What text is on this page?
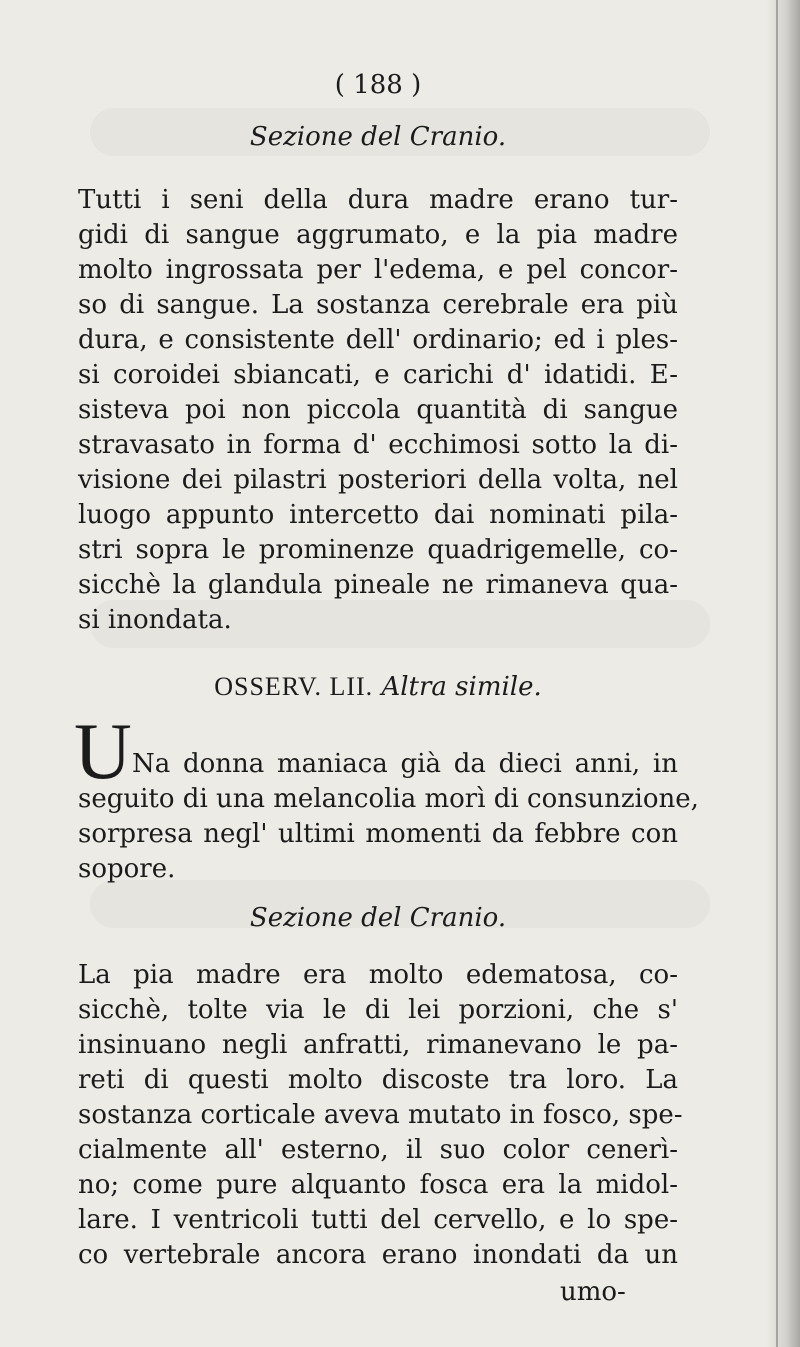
( 188 )
Sezione del Cranio.
Tutti i seni della dura madre erano tur-
gidi di sangue aggrumato, e la pia madre
molto ingrossata per l'edema, e pel concor-
so di sangue. La sostanza cerebrale era più
dura, e consistente dell' ordinario; ed i ples-
si coroidei sbiancati, e carichi d' idatidi. E-
sisteva poi non piccola quantità di sangue
stravasato in forma d' ecchimosi sotto la di-
visione dei pilastri posteriori della volta, nel
luogo appunto intercetto dai nominati pila-
stri sopra le prominenze quadrigemelle, co-
sicchè la glandula pineale ne rimaneva qua-
si inondata.
OSSERV. LII. Altra simile.
U Na donna maniaca già da dieci anni, in
seguito di una melancolia morì di consunzione,
sorpresa negl' ultimi momenti da febbre con
sopore.
Sezione del Cranio.
La pia madre era molto edematosa, co-
sicchè, tolte via le di lei porzioni, che s'
insinuano negli anfratti, rimanevano le pa-
reti di questi molto discoste tra loro. La
sostanza corticale aveva mutato in fosco, spe-
cialmente all' esterno, il suo color cenerì-
no; come pure alquanto fosca era la midol-
lare. I ventricoli tutti del cervello, e lo spe-
co vertebrale ancora erano inondati da un
umo-
